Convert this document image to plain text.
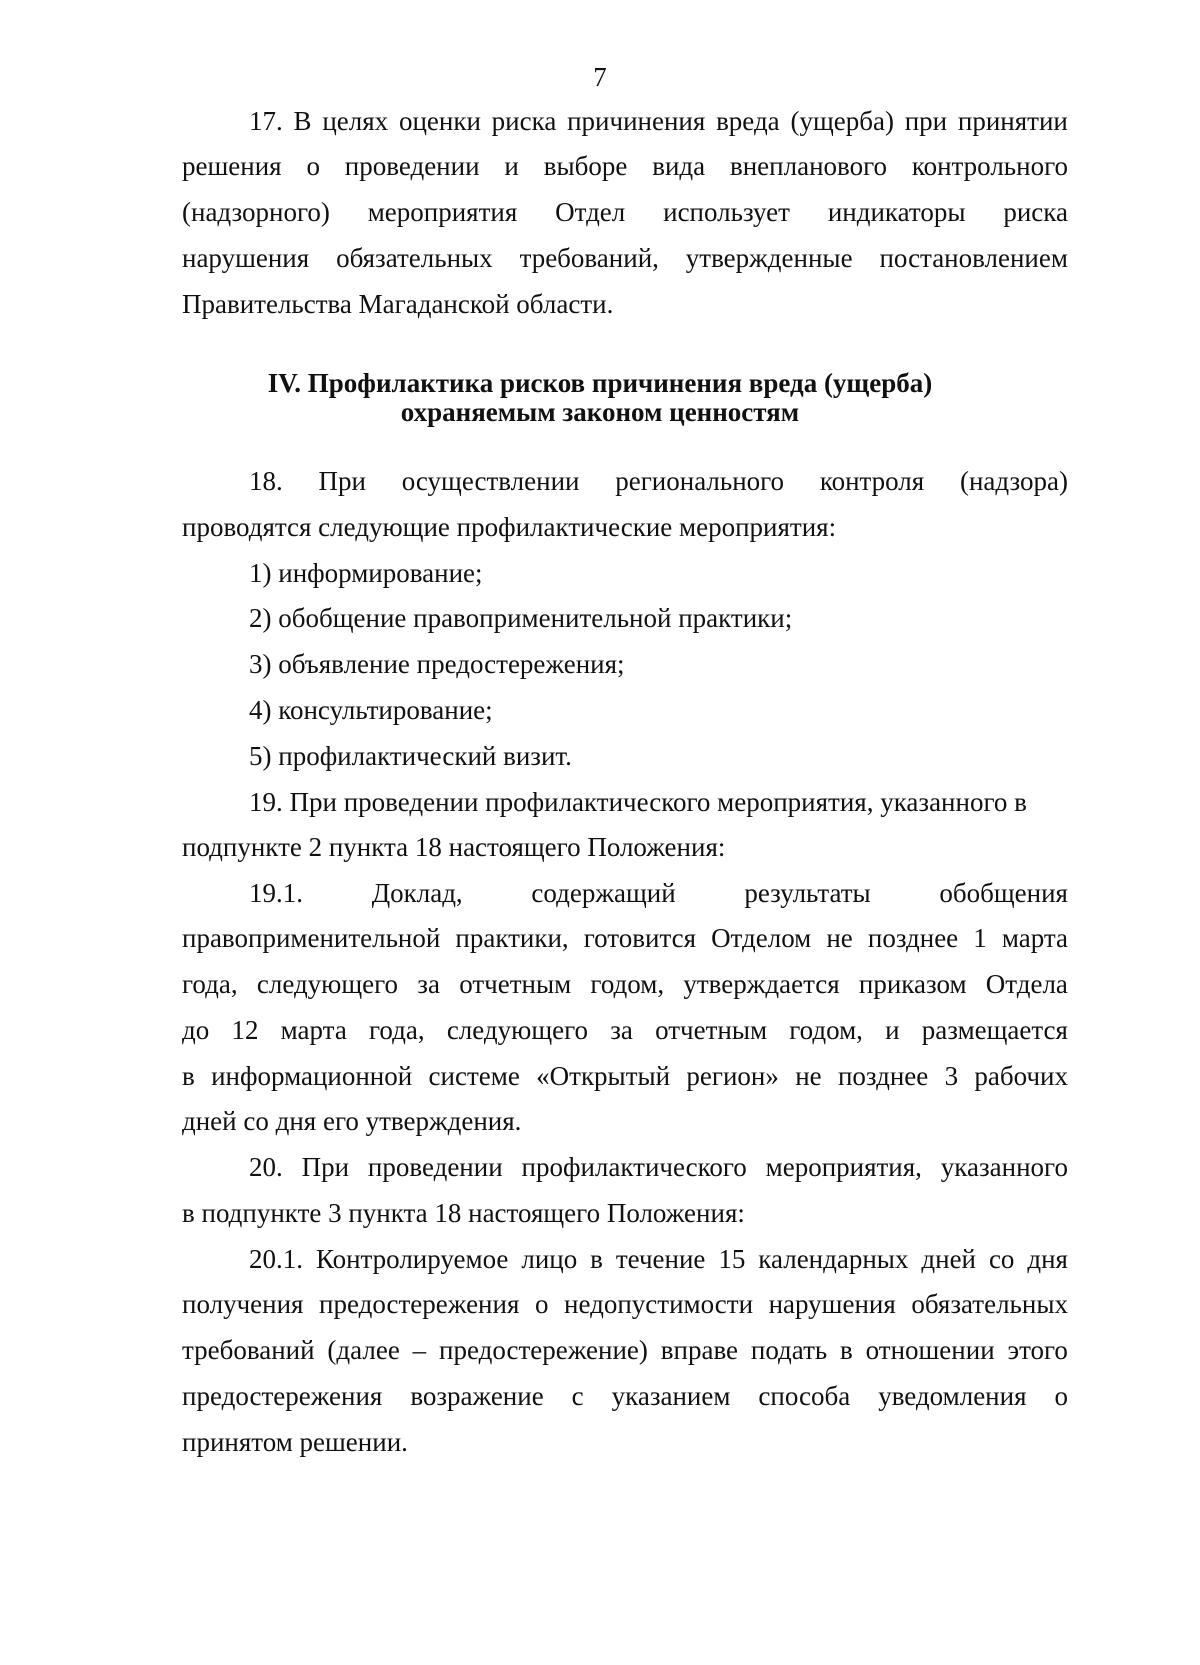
7
17. В целях оценки риска причинения вреда (ущерба) при принятии
решения о проведении и выборе вида внепланового контрольного
(надзорного) мероприятия Отдел использует индикаторы риска
нарушения обязательных требований, утвержденные постановлением
Правительства Магаданской области.
IV. Профилактика рисков причинения вреда (ущерба)
охраняемым законом ценностям
18. При осуществлении регионального контроля (надзора)
проводятся следующие профилактические мероприятия:
1) информирование;
2) обобщение правоприменительной практики;
3) объявление предостережения;
4) консультирование;
5) профилактический визит.
19. При проведении профилактического мероприятия, указанного в
подпункте 2 пункта 18 настоящего Положения:
19.1.	Доклад,	содержащий	результаты	обобщения
правоприменительной практики, готовится Отделом не позднее 1 марта
года, следующего за отчетным годом, утверждается приказом Отдела
до 12 марта года, следующего за отчетным годом, и размещается
в информационной системе «Открытый регион» не позднее 3 рабочих
дней со дня его утверждения.
20. При проведении профилактического мероприятия, указанного
в подпункте 3 пункта 18 настоящего Положения:
20.1. Контролируемое лицо в течение 15 календарных дней со дня
получения предостережения о недопустимости нарушения обязательных
требований (далее – предостережение) вправе подать в отношении этого
предостережения возражение с указанием способа уведомления о
принятом решении.
